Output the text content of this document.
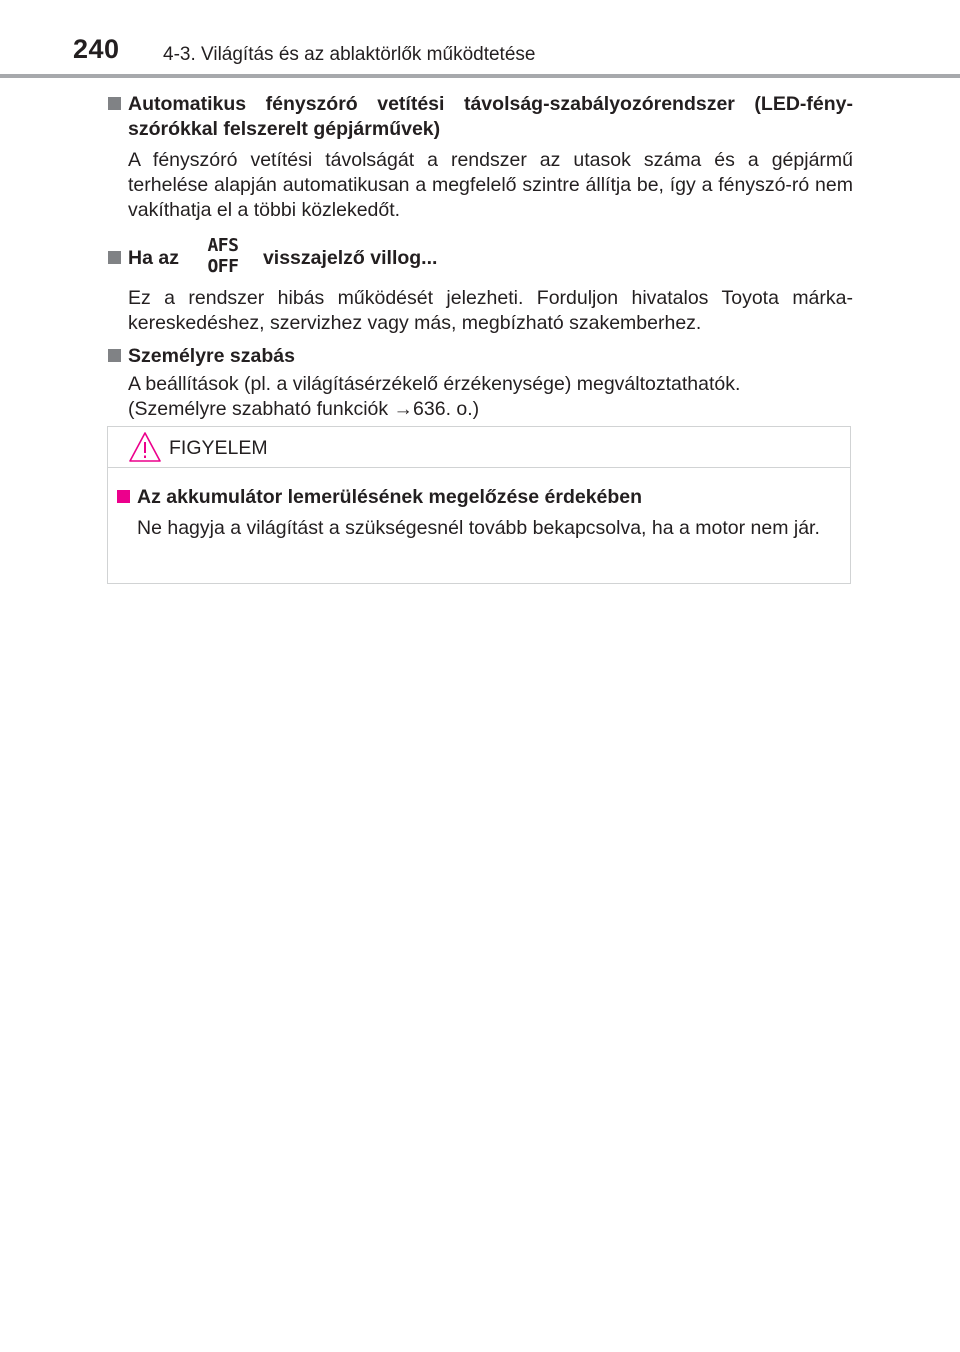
240 4-3. Világítás és az ablaktörlők működtetése
Automatikus fényszóró vetítési távolság-szabályozórendszer (LED-fény-szórókkal felszerelt gépjárművek)
A fényszóró vetítési távolságát a rendszer az utasok száma és a gépjármű terhelése alapján automatikusan a megfelelő szintre állítja be, így a fényszó-ró nem vakíthatja el a többi közlekedőt.
Ha az
AFS
OFF	visszajelző villog...
Ez a rendszer hibás működését jelezheti. Forduljon hivatalos Toyota márka-kereskedéshez, szervizhez vagy más, megbízható szakemberhez.
Személyre szabás
A beállítások (pl. a világításérzékelő érzékenysége) megváltoztathatók.
(Személyre szabható funkciók →636. o.)
FIGYELEM
Az akkumulátor lemerülésének megelőzése érdekében
Ne hagyja a világítást a szükségesnél tovább bekapcsolva, ha a motor nem jár.
